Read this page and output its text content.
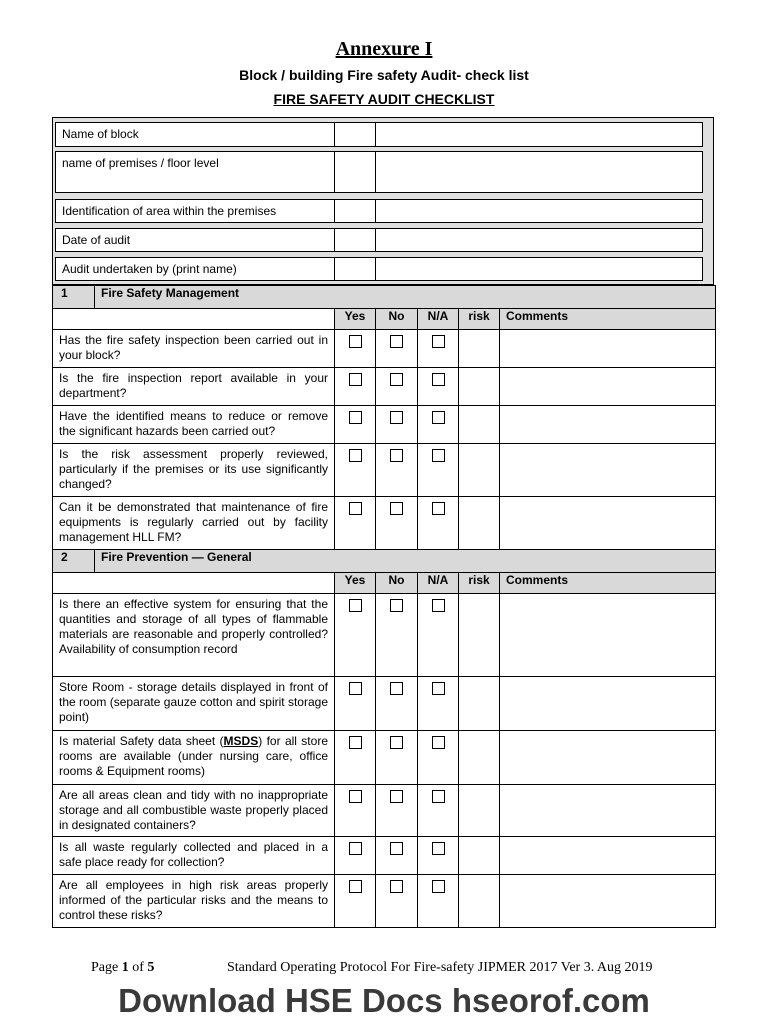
Annexure I
Block / building Fire safety Audit- check list
FIRE SAFETY AUDIT CHECKLIST
Name of block
name of premises / floor level
Identification of area within the premises
Date of audit
Audit undertaken by (print name)
1	Fire Safety Management					
		Yes	No	N/A	risk	Comments
Has the fire safety inspection been carried out in your block?						
Is the fire inspection report available in your department?						
Have the identified means to reduce or remove the significant hazards been carried out?						
Is the risk assessment properly reviewed, particularly if the premises or its use significantly changed?						
Can it be demonstrated that maintenance of fire equipments is regularly carried out by facility management HLL FM?						
2	Fire Prevention — General					
		Yes	No	N/A	risk	Comments
Is there an effective system for ensuring that the quantities and storage of all types of flammable materials are reasonable and properly controlled? Availability of consumption record						
Store Room - storage details displayed in front of the room (separate gauze cotton and spirit storage point)						
Is material Safety data sheet (MSDS) for all store rooms are available (under nursing care, office rooms & Equipment rooms)						
Are all areas clean and tidy with no inappropriate storage and all combustible waste properly placed in designated containers?						
Is all waste regularly collected and placed in a safe place ready for collection?						
Are all employees in high risk areas properly informed of the particular risks and the means to control these risks?						
Page 1 of 5	Standard Operating Protocol For Fire-safety JIPMER 2017 Ver 3. Aug 2019
Download HSE Docs hseorof.com
